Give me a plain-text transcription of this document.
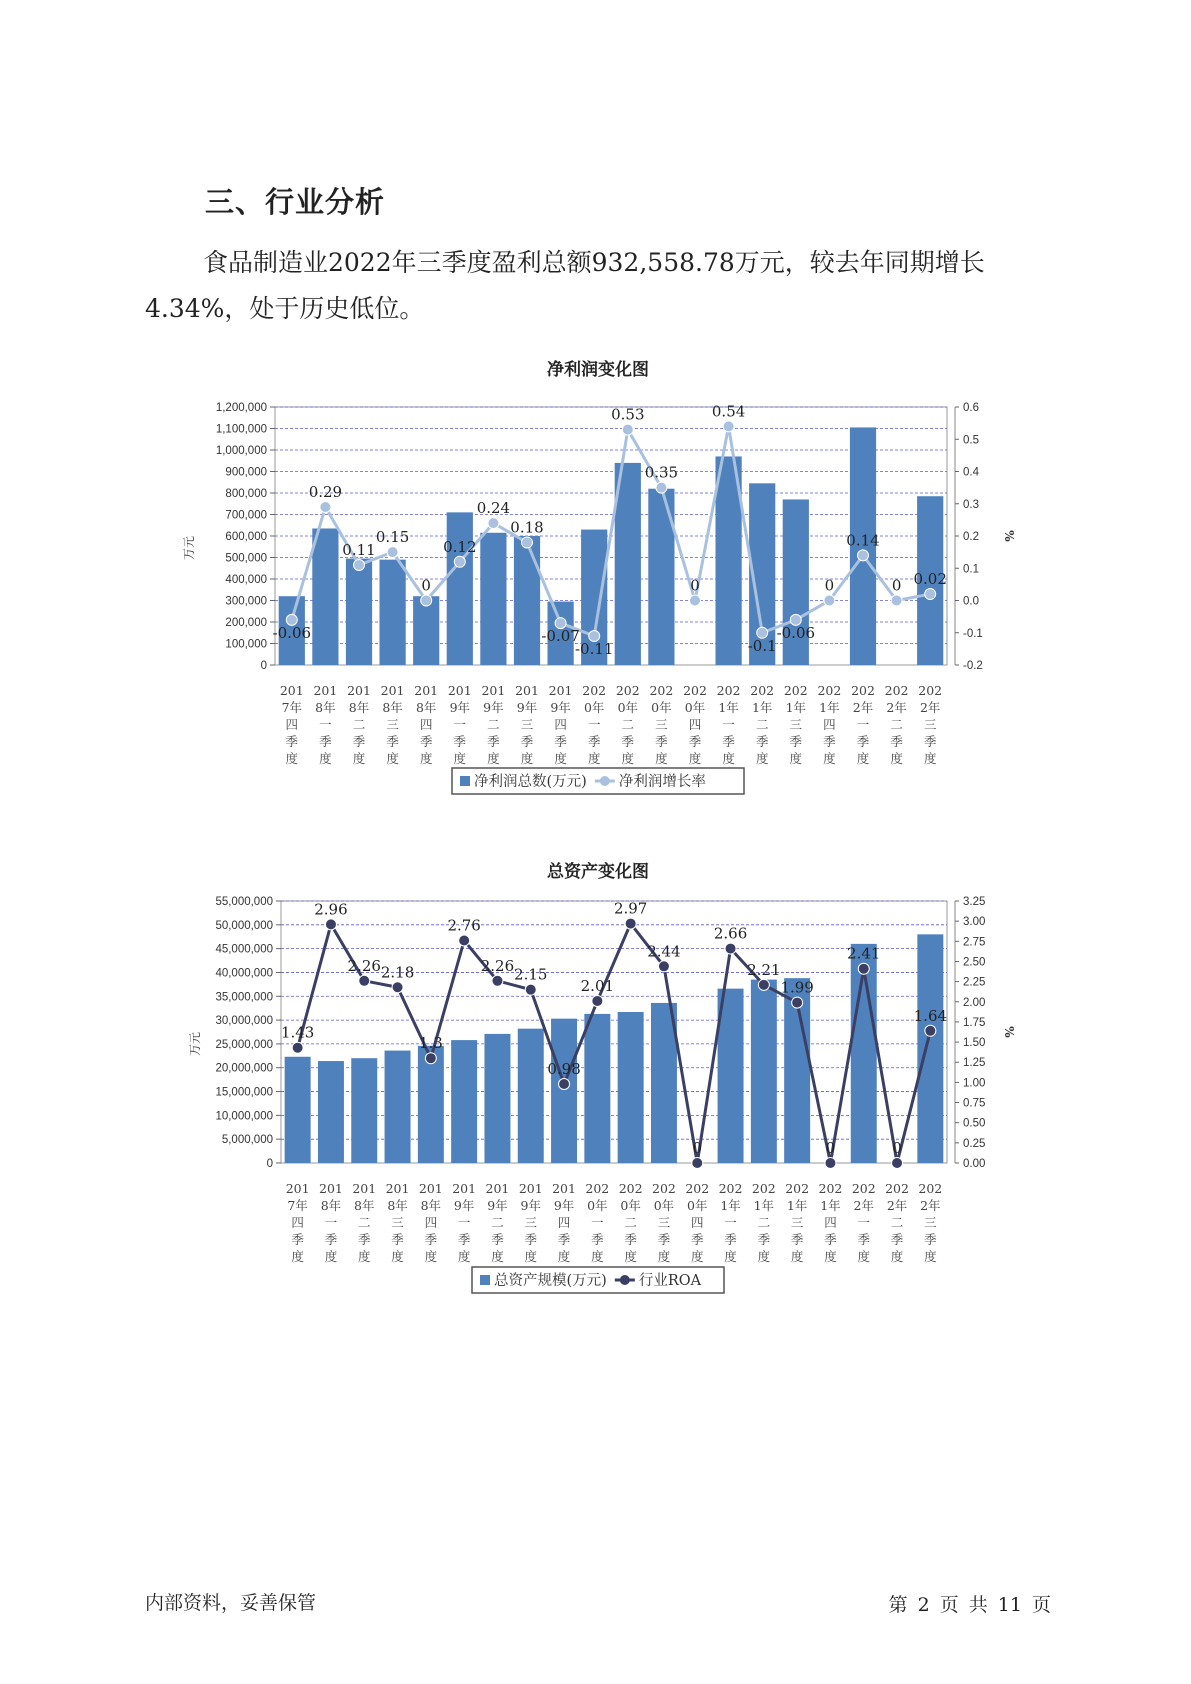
三、行业分析

食品制造业2022年三季度盈利总额932,558.78万元，较去年同期增长4.34%，处于历史低位。

净利润变化图
0
100,000
200,000
300,000
400,000
500,000
600,000
700,000
800,000
900,000
1,000,000
1,100,000
1,200,000
-0.2
-0.1
0.0
0.1
0.2
0.3
0.4
0.5
0.6
万元	%
201
7年
四
季
度
201
8年
一
季
度
201
8年
二
季
度
201
8年
三
季
度
201
8年
四
季
度
201
9年
一
季
度
201
9年
二
季
度
201
9年
三
季
度
201
9年
四
季
度
202
0年
一
季
度
202
0年
二
季
度
202
0年
三
季
度
202
0年
四
季
度
202
1年
一
季
度
202
1年
二
季
度
202
1年
三
季
度
202
1年
四
季
度
202
2年
一
季
度
202
2年
二
季
度
202
2年
三
季
度
-0.06
0.29
0.11
0.15
0
0.12
0.24
0.18
-0.07
-0.11
0.53
0.35
0
0.54
-0.1
-0.06
0
0.14
0 0.02
净利润总数(万元) 净利润增长率
总资产变化图
0
5,000,000
10,000,000
15,000,000
20,000,000
25,000,000
30,000,000
35,000,000
40,000,000
45,000,000
50,000,000
55,000,000
0.00
0.25
0.50
0.75
1.00
1.25
1.50
1.75
2.00
2.25
2.50
2.75
3.00
3.25
万元	%
201
7年
四
季
度
201
8年
一
季
度
201
8年
二
季
度
201
8年
三
季
度
201
8年
四
季
度
201
9年
一
季
度
201
9年
二
季
度
201
9年
三
季
度
201
9年
四
季
度
202
0年
一
季
度
202
0年
二
季
度
202
0年
三
季
度
202
0年
四
季
度
202
1年
一
季
度
202
1年
二
季
度
202
1年
三
季
度
202
1年
四
季
度
202
2年
一
季
度
202
2年
二
季
度
202
2年
三
季
度
1.43
2.96
2.26 2.18
1.3
2.76
2.26 2.15
0.98
2.01
2.97
2.44
0
2.66
2.21
1.99
0
2.41
0
1.64
总资产规模(万元) 行业ROA
内部资料，妥善保管	第 2 页 共 11 页
